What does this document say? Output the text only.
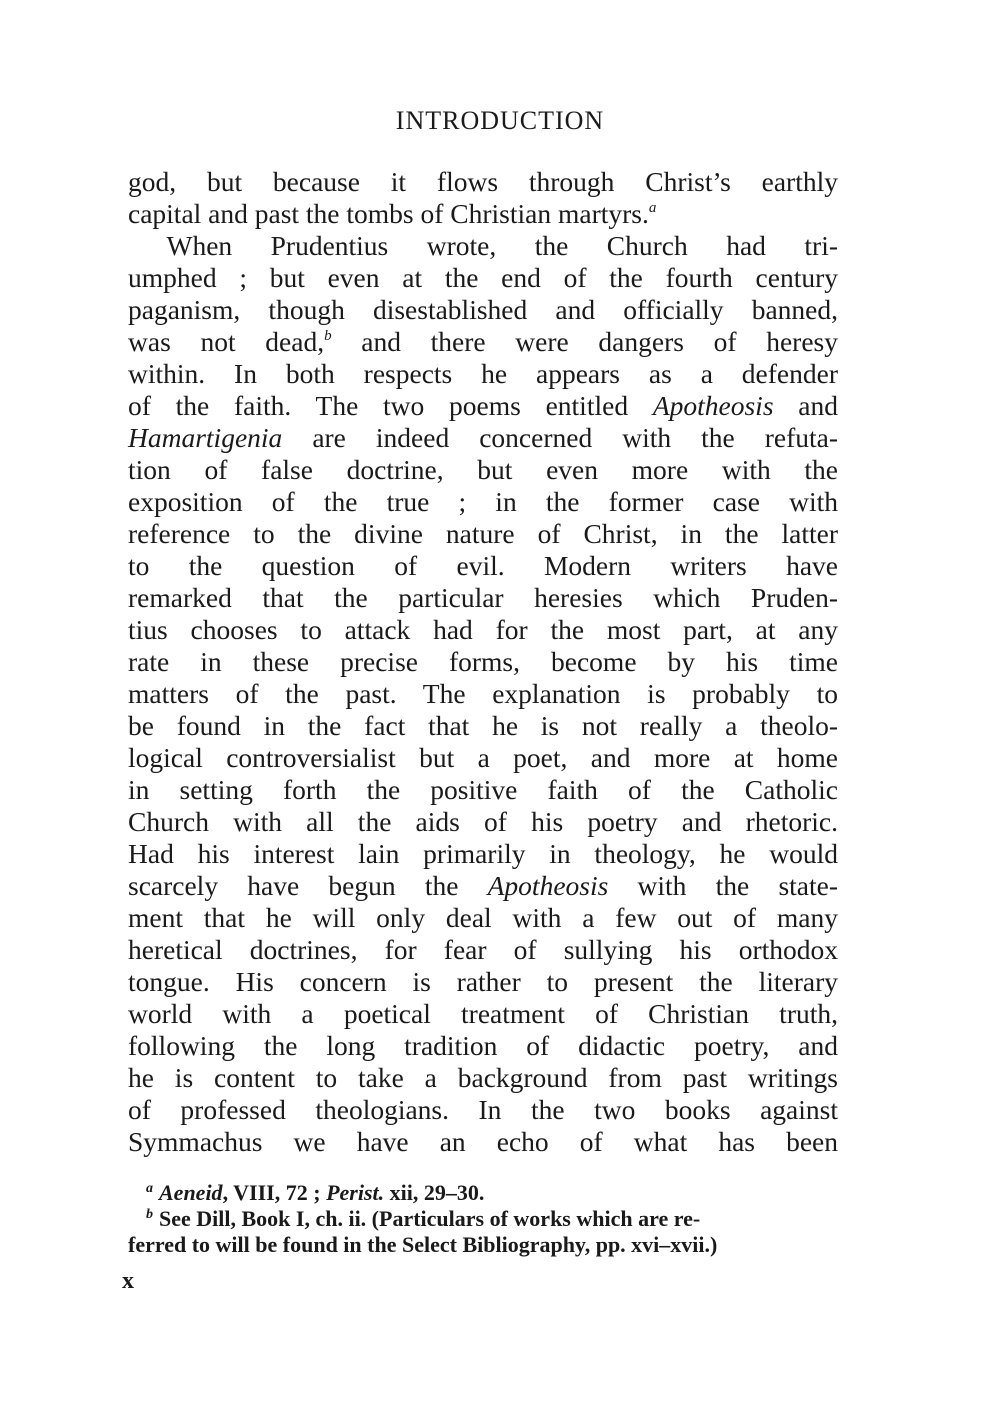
INTRODUCTION
god, but because it flows through Christ’s earthly
capital and past the tombs of Christian martyrs.$^a$
When Prudentius wrote, the Church had tri-
umphed ; but even at the end of the fourth century
paganism, though disestablished and officially banned,
was not dead,$^b$ and there were dangers of heresy
within. In both respects he appears as a defender
of the faith. The two poems entitled Apotheosis and
Hamartigenia are indeed concerned with the refuta-
tion of false doctrine, but even more with the
exposition of the true ; in the former case with
reference to the divine nature of Christ, in the latter
to the question of evil. Modern writers have
remarked that the particular heresies which Pruden-
tius chooses to attack had for the most part, at any
rate in these precise forms, become by his time
matters of the past. The explanation is probably to
be found in the fact that he is not really a theolo-
logical controversialist but a poet, and more at home
in setting forth the positive faith of the Catholic
Church with all the aids of his poetry and rhetoric.
Had his interest lain primarily in theology, he would
scarcely have begun the Apotheosis with the state-
ment that he will only deal with a few out of many
heretical doctrines, for fear of sullying his orthodox
tongue. His concern is rather to present the literary
world with a poetical treatment of Christian truth,
following the long tradition of didactic poetry, and
he is content to take a background from past writings
of professed theologians. In the two books against
Symmachus we have an echo of what has been
$^a$ Aeneid, VIII, 72 ; Perist. xii, 29–30.
$^b$ See Dill, Book I, ch. ii. (Particulars of works which are re-
ferred to will be found in the Select Bibliography, pp. xvi–xvii.)
x
